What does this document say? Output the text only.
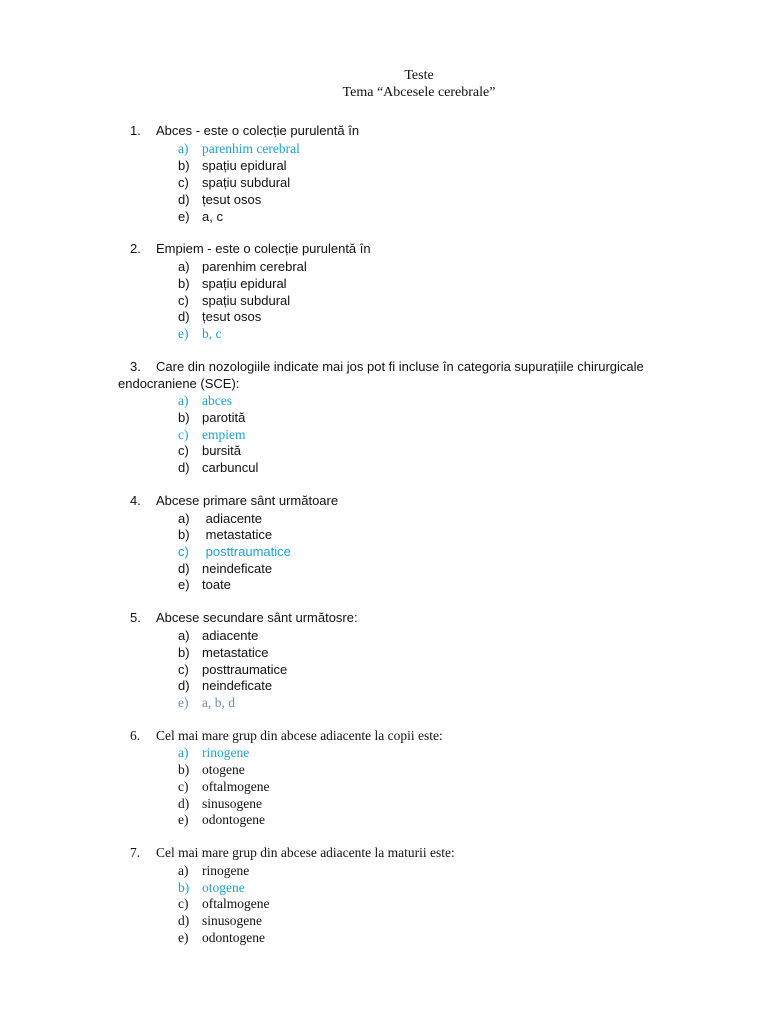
Teste
Tema “Abcesele cerebrale”
1. Abces - este o colecție purulentă în
a) parenhim cerebral
b) spațiu epidural
c) spațiu subdural
d) țesut osos
e) a, c
2. Empiem - este o colecție purulentă în
a) parenhim cerebral
b) spațiu epidural
c) spațiu subdural
d) țesut osos
e) b, c
3. Care din nozologiile indicate mai jos pot fi incluse în categoria supurațiile chirurgicale
endocraniene (SCE):
a) abces
b) parotită
c) empiem
c) bursită
d) carbuncul
4. Abcese primare sânt următoare
a) adiacente
b) metastatice
c) posttraumatice
d) neindeficate
e) toate
5. Abcese secundare sânt următosre:
a) adiacente
b) metastatice
c) posttraumatice
d) neindeficate
e) a, b, d
6. Cel mai mare grup din abcese adiacente la copii este:
a) rinogene
b) otogene
c) oftalmogene
d) sinusogene
e) odontogene
7. Cel mai mare grup din abcese adiacente la maturii este:
a) rinogene
b) otogene
c) oftalmogene
d) sinusogene
e) odontogene
